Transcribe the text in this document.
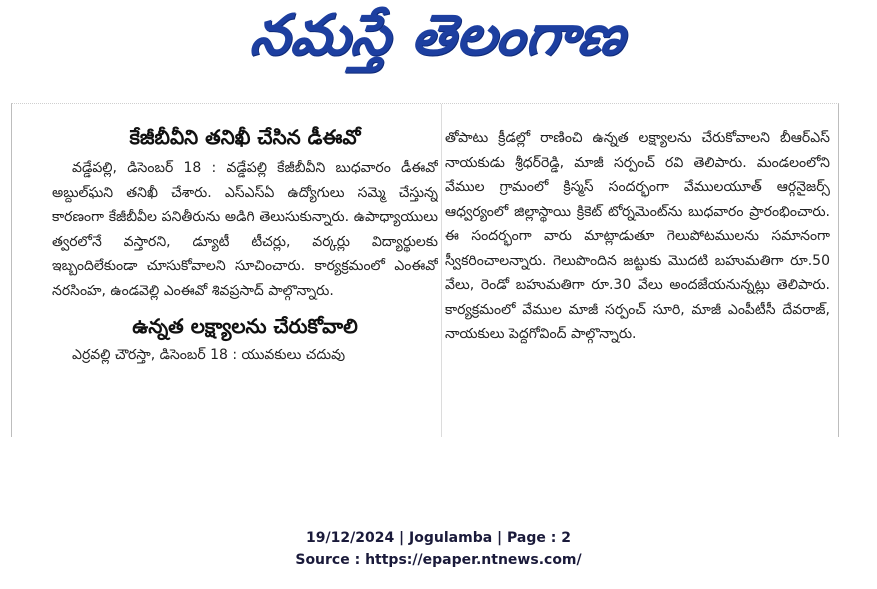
నమస్తే తెలంగాణ
కేజీబీవీని తనిఖీ చేసిన డీఈవో

వడ్డేపల్లి, డిసెంబర్ 18 : వడ్డేపల్లి కేజీబీవీని బుధవారం డీఈవో అబ్దుల్‌ఘని తనిఖీ చేశారు. ఎస్ఎస్ఏ ఉద్యోగులు సమ్మె చేస్తున్న కారణంగా కేజీబీవీల పనితీరును అడిగి తెలుసుకున్నారు. ఉపాధ్యాయులు త్వరలోనే వస్తారని, డ్యూటీ టీచర్లు, వర్కర్లు విద్యార్థులకు ఇబ్బందిలేకుండా చూసుకోవాలని సూచించారు. కార్యక్రమంలో ఎంఈవో నరసింహ, ఉండవెల్లి ఎంఈవో శివప్రసాద్ పాల్గొన్నారు.

ఉన్నత లక్ష్యాలను చేరుకోవాలి

ఎర్రవల్లి చౌరస్తా, డిసెంబర్ 18 : యువకులు చదువు

తోపాటు క్రీడల్లో రాణించి ఉన్నత లక్ష్యాలను చేరుకోవాలని బీఆర్ఎస్ నాయకుడు శ్రీధర్‌రెడ్డి, మాజీ సర్పంచ్ రవి తెలిపారు. మండలంలోని వేముల గ్రామంలో క్రిస్మస్ సందర్భంగా వేములయూత్ ఆర్గనైజర్స్ ఆధ్వర్యంలో జిల్లాస్థాయి క్రికెట్ టోర్నమెంట్‌ను బుధవారం ప్రారంభించారు. ఈ సందర్భంగా వారు మాట్లాడుతూ గెలుపోటములను సమానంగా స్వీకరించాలన్నారు. గెలుపొందిన జట్టుకు మొదటి బహుమతిగా రూ.50 వేలు, రెండో బహుమతిగా రూ.30 వేలు అందజేయనున్నట్లు తెలిపారు. కార్యక్రమంలో వేముల మాజీ సర్పంచ్ సూరి, మాజీ ఎంపీటీసీ దేవరాజ్, నాయకులు పెద్దగోవింద్ పాల్గొన్నారు.

19/12/2024 | Jogulamba | Page : 2
Source : https://epaper.ntnews.com/
